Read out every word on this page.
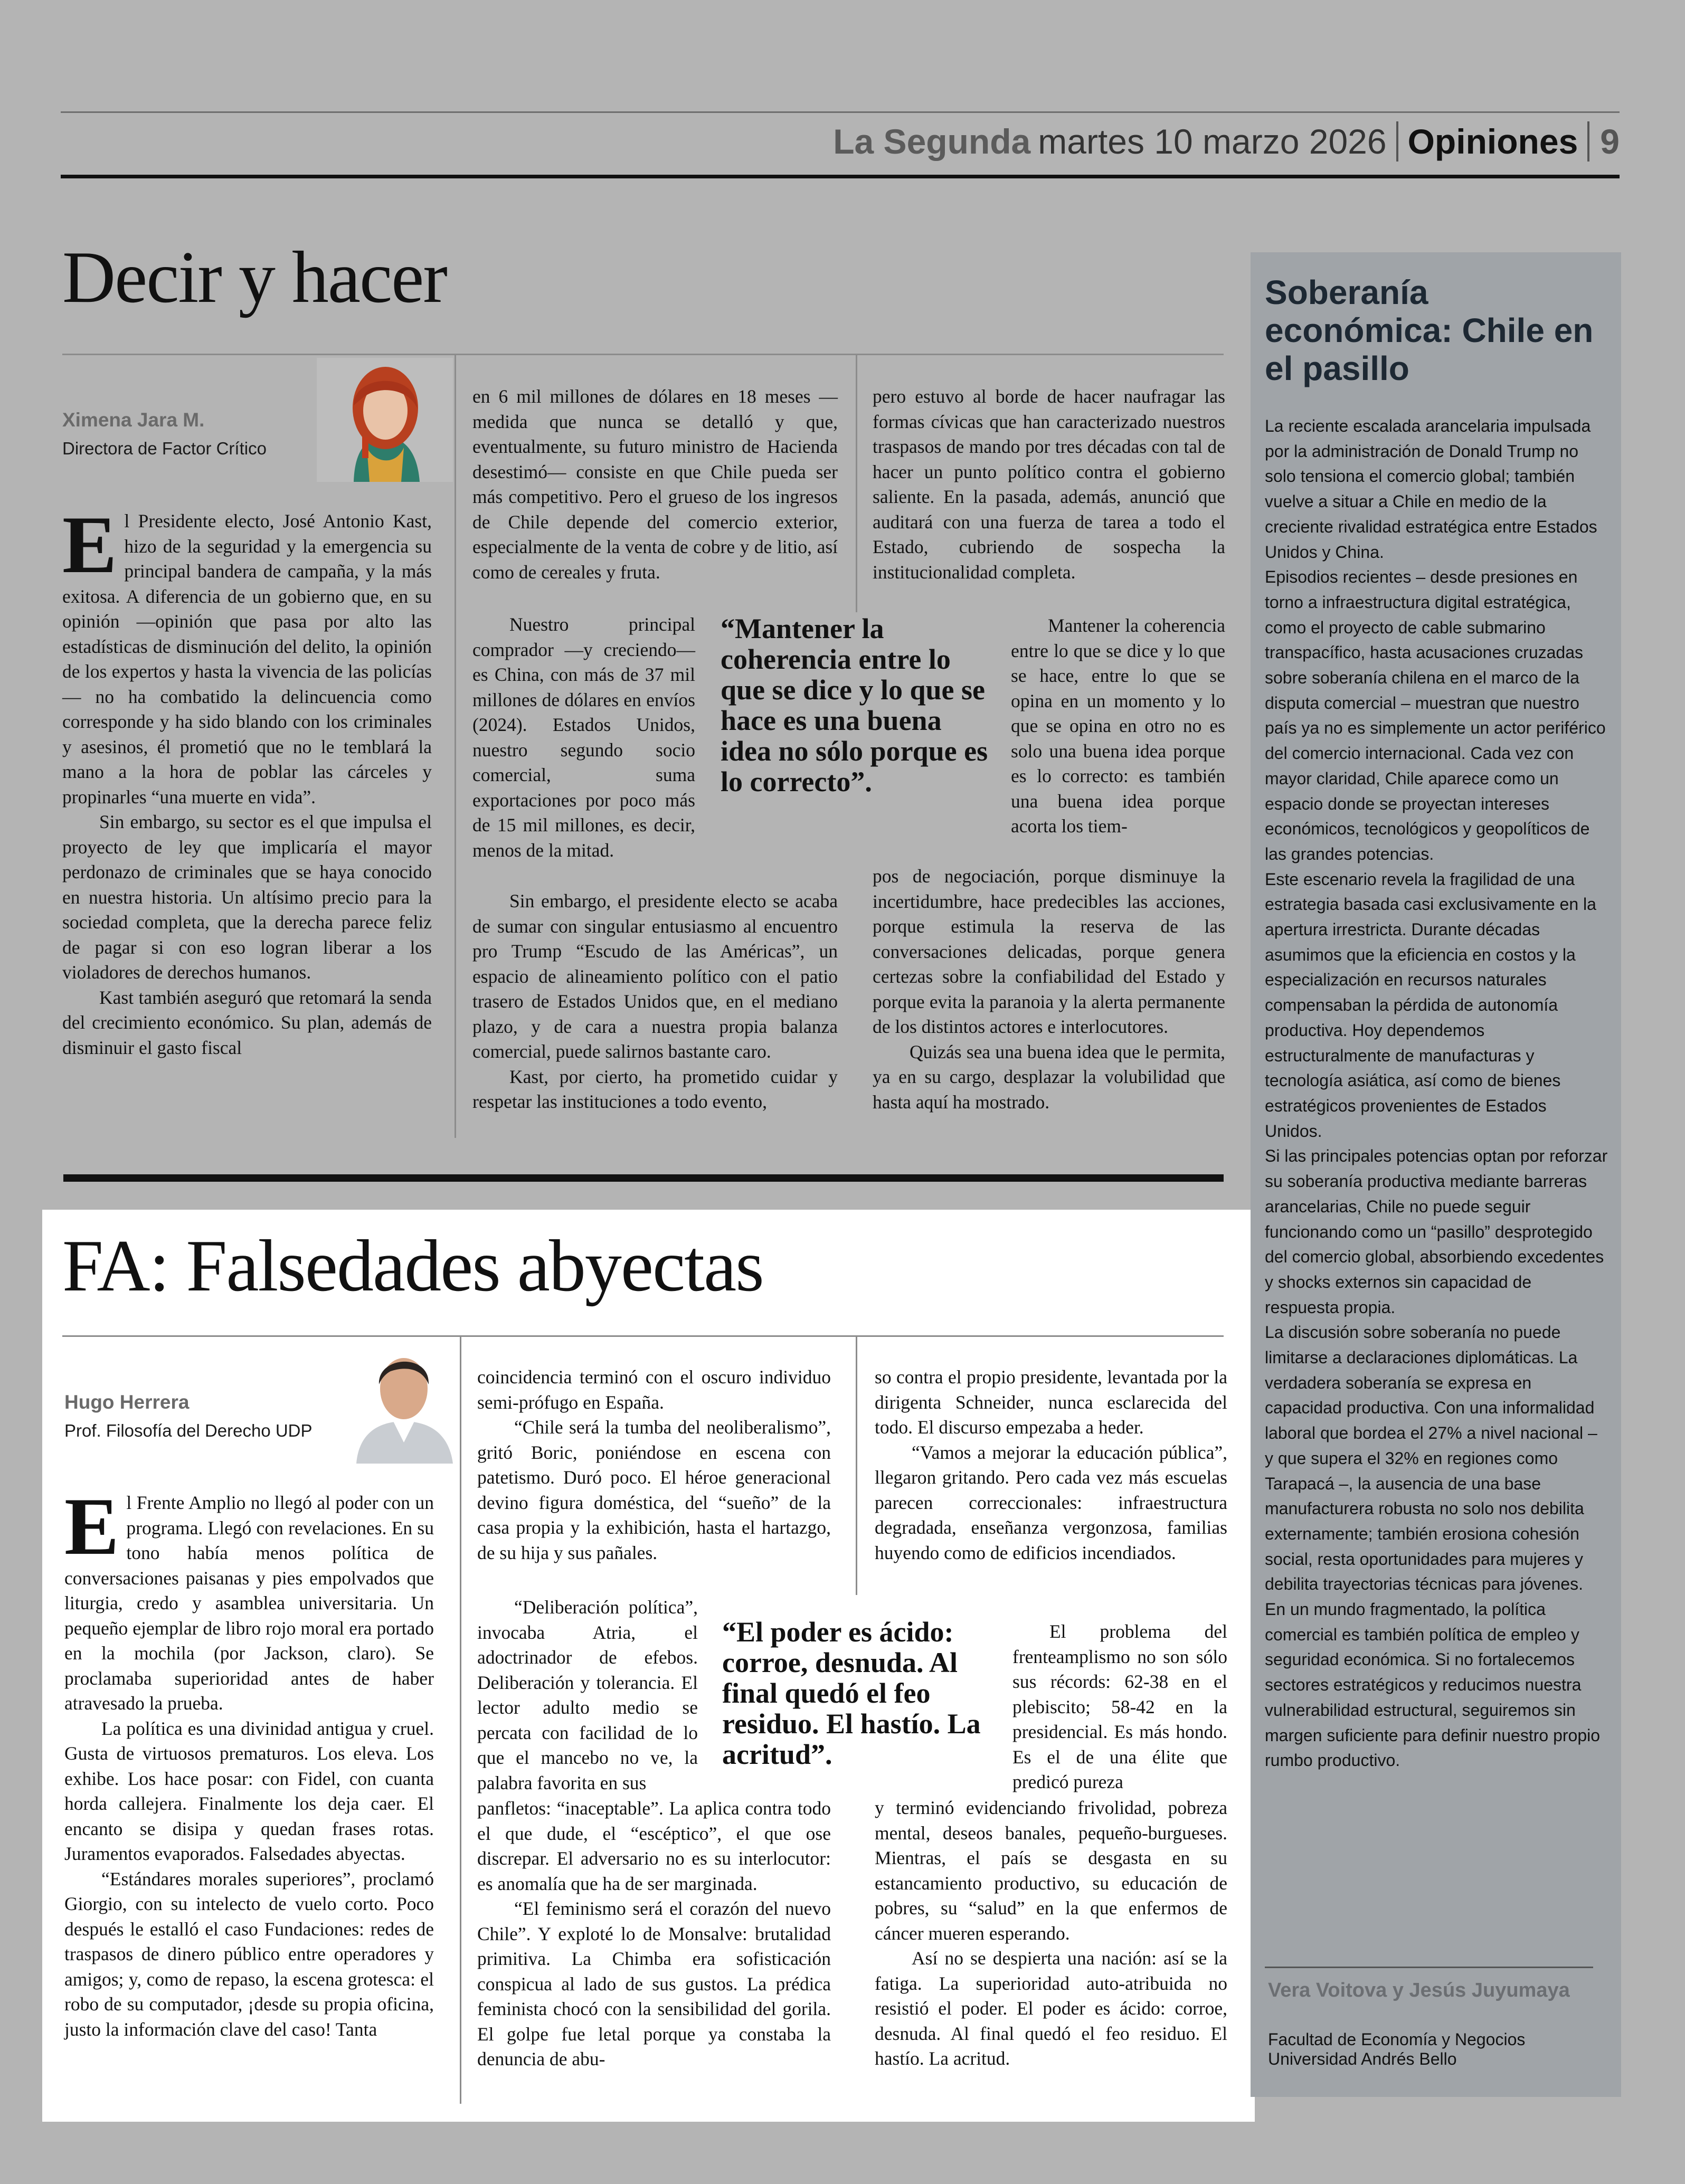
La Segunda martes 10 marzo 2026 Opiniones 9
Decir y hacer
Ximena Jara M.
Directora de Factor Crítico

El Presidente electo, José Antonio Kast, hizo de la seguridad y la emergencia su principal bandera de campaña, y la más exitosa. A diferencia de un gobierno que, en su opinión —opinión que pasa por alto las estadísticas de disminución del delito, la opinión de los expertos y hasta la vivencia de las policías— no ha combatido la delincuencia como corresponde y ha sido blando con los criminales y asesinos, él prometió que no le temblará la mano a la hora de poblar las cárceles y propinarles “una muerte en vida”.

Sin embargo, su sector es el que impulsa el proyecto de ley que implicaría el mayor perdonazo de criminales que se haya conocido en nuestra historia. Un altísimo precio para la sociedad completa, que la derecha parece feliz de pagar si con eso logran liberar a los violadores de derechos humanos.

Kast también aseguró que retomará la senda del crecimiento económico. Su plan, además de disminuir el gasto fiscal

en 6 mil millones de dólares en 18 meses —medida que nunca se detalló y que, eventualmente, su futuro ministro de Hacienda desestimó— consiste en que Chile pueda ser más competitivo. Pero el grueso de los ingresos de Chile depende del comercio exterior, especialmente de la venta de cobre y de litio, así como de cereales y fruta.
Nuestro principal comprador —y creciendo— es China, con más de 37 mil millones de dólares en envíos (2024). Estados Unidos, nuestro segundo socio comercial, suma exportaciones por poco más de 15 mil millones, es decir, menos de la mitad.

Sin embargo, el presidente electo se acaba de sumar con singular entusiasmo al encuentro pro Trump “Escudo de las Américas”, un espacio de alineamiento político con el patio trasero de Estados Unidos que, en el mediano plazo, y de cara a nuestra propia balanza comercial, puede salirnos bastante caro.

Kast, por cierto, ha prometido cuidar y respetar las instituciones a todo evento,

“Mantener la coherencia entre lo que se dice y lo que se hace es una buena idea no sólo porque es lo correcto”.
pero estuvo al borde de hacer naufragar las formas cívicas que han caracterizado nuestros traspasos de mando por tres décadas con tal de hacer un punto político contra el gobierno saliente. En la pasada, además, anunció que auditará con una fuerza de tarea a todo el Estado, cubriendo de sospecha la institucionalidad completa.
Mantener la coherencia entre lo que se dice y lo que se hace, entre lo que se opina en un momento y lo que se opina en otro no es solo una buena idea porque es lo correcto: es también una buena idea porque acorta los tiem-

pos de negociación, porque disminuye la incertidumbre, hace predecibles las acciones, porque estimula la reserva de las conversaciones delicadas, porque genera certezas sobre la confiabilidad del Estado y porque evita la paranoia y la alerta permanente de los distintos actores e interlocutores.

Quizás sea una buena idea que le permita, ya en su cargo, desplazar la volubilidad que hasta aquí ha mostrado.

FA: Falsedades abyectas
Hugo Herrera
Prof. Filosofía del Derecho UDP

El Frente Amplio no llegó al poder con un programa. Llegó con revelaciones. En su tono había menos política de conversaciones paisanas y pies empolvados que liturgia, credo y asamblea universitaria. Un pequeño ejemplar de libro rojo moral era portado en la mochila (por Jackson, claro). Se proclamaba superioridad antes de haber atravesado la prueba.

La política es una divinidad antigua y cruel. Gusta de virtuosos prematuros. Los eleva. Los exhibe. Los hace posar: con Fidel, con cuanta horda callejera. Finalmente los deja caer. El encanto se disipa y quedan frases rotas. Juramentos evaporados. Falsedades abyectas.

“Estándares morales superiores”, proclamó Giorgio, con su intelecto de vuelo corto. Poco después le estalló el caso Fundaciones: redes de traspasos de dinero público entre operadores y amigos; y, como de repaso, la escena grotesca: el robo de su computador, ¡desde su propia oficina, justo la información clave del caso! Tanta

coincidencia terminó con el oscuro individuo semi-prófugo en España.

“Chile será la tumba del neoliberalismo”, gritó Boric, poniéndose en escena con patetismo. Duró poco. El héroe generacional devino figura doméstica, del “sueño” de la casa propia y la exhibición, hasta el hartazgo, de su hija y sus pañales.

“Deliberación política”, invocaba Atria, el adoctrinador de efebos. Deliberación y tolerancia. El lector adulto medio se percata con facilidad de lo que el mancebo no ve, la palabra favorita en sus

panfletos: “inaceptable”. La aplica contra todo el que dude, el “escéptico”, el que ose discrepar. El adversario no es su interlocutor: es anomalía que ha de ser marginada.

“El feminismo será el corazón del nuevo Chile”. Y exploté lo de Monsalve: brutalidad primitiva. La Chimba era sofisticación conspicua al lado de sus gustos. La prédica feminista chocó con la sensibilidad del gorila. El golpe fue letal porque ya constaba la denuncia de abu-

“El poder es ácido: corroe, desnuda. Al final quedó el feo residuo. El hastío. La acritud”.

so contra el propio presidente, levantada por la dirigenta Schneider, nunca esclarecida del todo. El discurso empezaba a heder.

“Vamos a mejorar la educación pública”, llegaron gritando. Pero cada vez más escuelas parecen correccionales: infraestructura degradada, enseñanza vergonzosa, familias huyendo como de edificios incendiados.

El problema del frenteamplismo no son sólo sus récords: 62-38 en el plebiscito; 58-42 en la presidencial. Es más hondo. Es el de una élite que predicó pureza

y terminó evidenciando frivolidad, pobreza mental, deseos banales, pequeño-burgueses. Mientras, el país se desgasta en su estancamiento productivo, su educación de pobres, su “salud” en la que enfermos de cáncer mueren esperando.

Así no se despierta una nación: así se la fatiga. La superioridad auto-atribuida no resistió el poder. El poder es ácido: corroe, desnuda. Al final quedó el feo residuo. El hastío. La acritud.

Soberanía económica: Chile en el pasillo

La reciente escalada arancelaria impulsada por la administración de Donald Trump no solo tensiona el comercio global; también vuelve a situar a Chile en medio de la creciente rivalidad estratégica entre Estados Unidos y China.

Episodios recientes – desde presiones en torno a infraestructura digital estratégica, como el proyecto de cable submarino transpacífico, hasta acusaciones cruzadas sobre soberanía chilena en el marco de la disputa comercial – muestran que nuestro país ya no es simplemente un actor periférico del comercio internacional. Cada vez con mayor claridad, Chile aparece como un espacio donde se proyectan intereses económicos, tecnológicos y geopolíticos de las grandes potencias.

Este escenario revela la fragilidad de una estrategia basada casi exclusivamente en la apertura irrestricta. Durante décadas asumimos que la eficiencia en costos y la especialización en recursos naturales compensaban la pérdida de autonomía productiva. Hoy dependemos estructuralmente de manufacturas y tecnología asiática, así como de bienes estratégicos provenientes de Estados Unidos.

Si las principales potencias optan por reforzar su soberanía productiva mediante barreras arancelarias, Chile no puede seguir funcionando como un “pasillo” desprotegido del comercio global, absorbiendo excedentes y shocks externos sin capacidad de respuesta propia.

La discusión sobre soberanía no puede limitarse a declaraciones diplomáticas. La verdadera soberanía se expresa en capacidad productiva. Con una informalidad laboral que bordea el 27% a nivel nacional – y que supera el 32% en regiones como Tarapacá –, la ausencia de una base manufacturera robusta no solo nos debilita externamente; también erosiona cohesión social, resta oportunidades para mujeres y debilita trayectorias técnicas para jóvenes.

En un mundo fragmentado, la política comercial es también política de empleo y seguridad económica. Si no fortalecemos sectores estratégicos y reducimos nuestra vulnerabilidad estructural, seguiremos sin margen suficiente para definir nuestro propio rumbo productivo.

Vera Voitova y Jesús Juyumaya
Facultad de Economía y Negocios Universidad Andrés Bello
